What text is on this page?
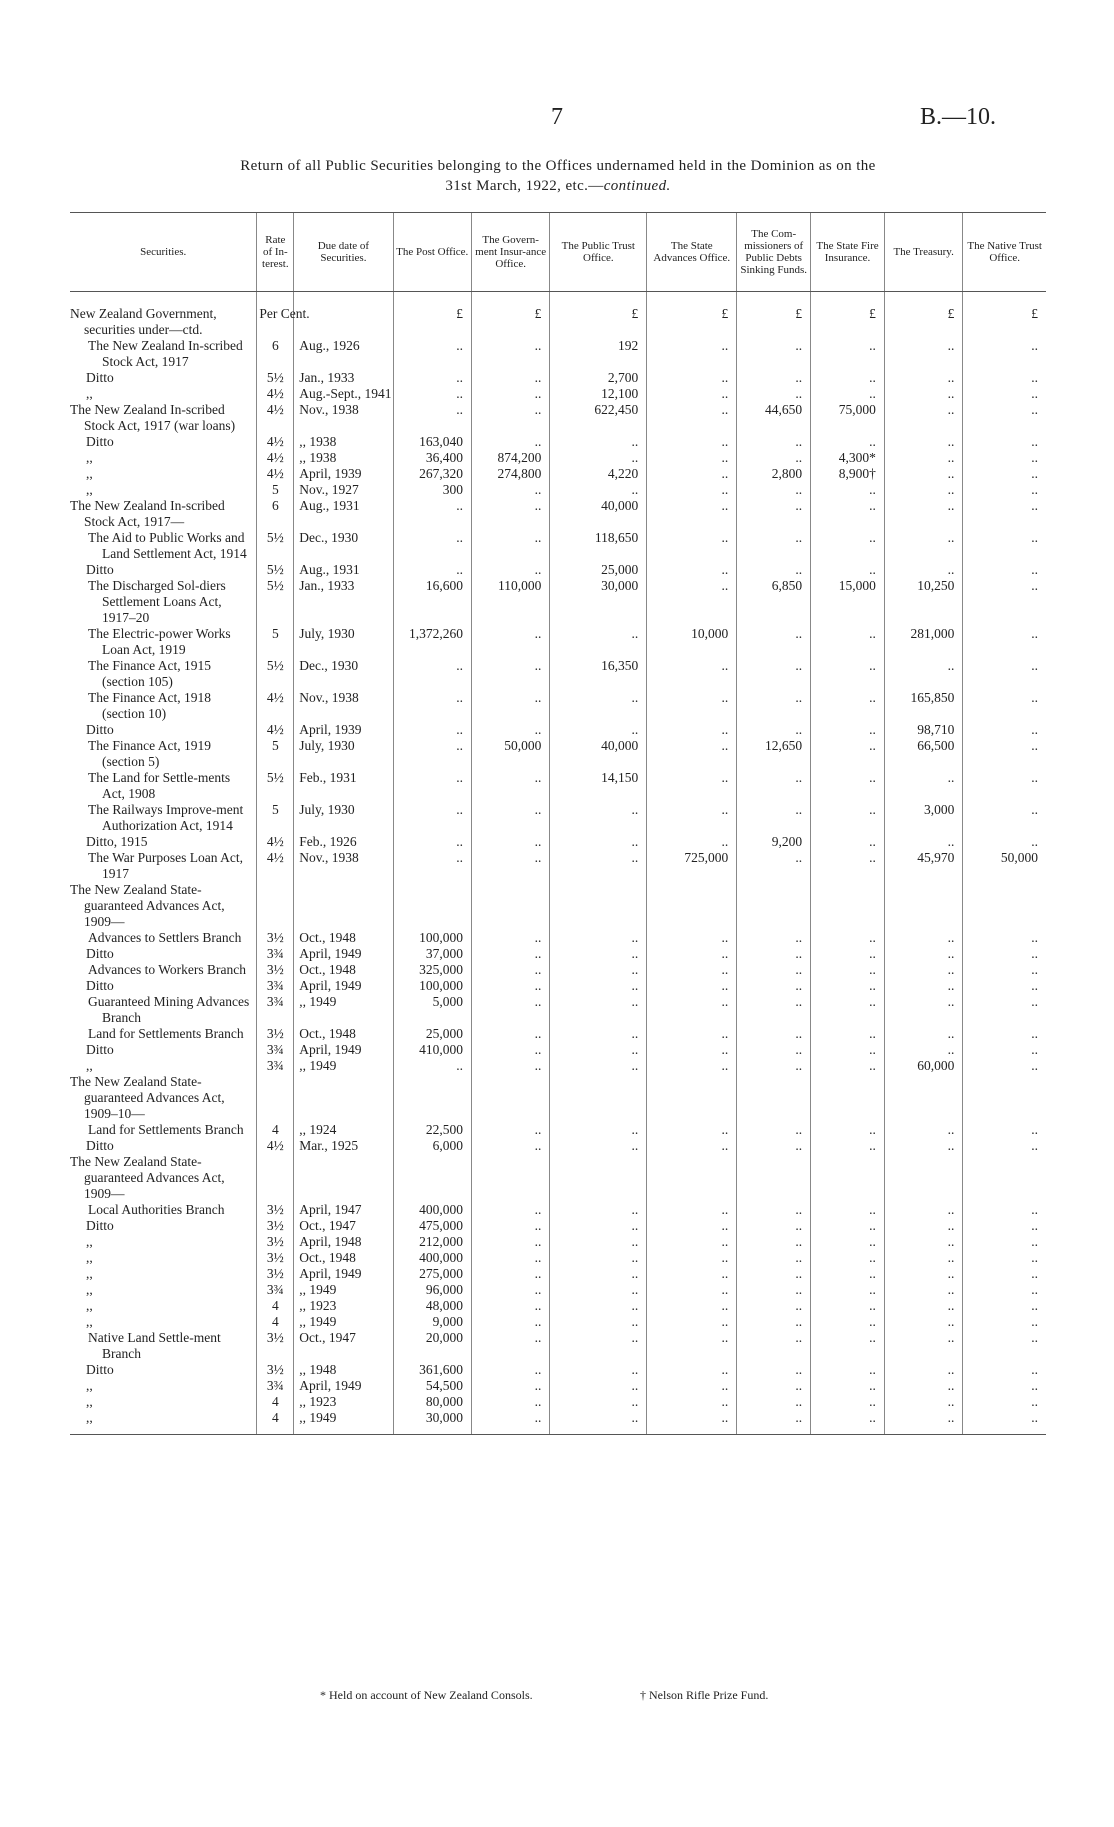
7	B.—10.
Return of all Public Securities belonging to the Offices undernamed held in the Dominion as on the
31st March, 1922, etc.—continued.
Securities.	Rate of In-terest.	Due date of Securities.	The Post Office.	The Govern-ment Insur-ance Office.	The Public Trust Office.	The State Advances Office.	The Com-missioners of Public Debts Sinking Funds.	The State Fire Insurance.	The Treasury.	The Native Trust Office.
New Zealand Government, securities under—ctd.	Per Cent.		£	£	£	£	£	£	£	£
The New Zealand In-scribed Stock Act, 1917	6	Aug., 1926	..	..	192	..	..	..	..	..
Ditto	5½	Jan., 1933	..	..	2,700	..	..	..	..	..
,,	4½	Aug.-Sept., 1941	..	..	12,100	..	..	..	..	..
The New Zealand In-scribed Stock Act, 1917 (war loans)	4½	Nov., 1938	..	..	622,450	..	44,650	75,000	..	..
Ditto	4½	,, 1938	163,040	..	..	..	..	..	..	..
,,	4½	,, 1938	36,400	874,200	..	..	..	4,300*	..	..
,,	4½	April, 1939	267,320	274,800	4,220	..	2,800	8,900†	..	..
,,	5	Nov., 1927	300	..	..	..	..	..	..	..
The New Zealand In-scribed Stock Act, 1917—	6	Aug., 1931	..	..	40,000	..	..	..	..	..
The Aid to Public Works and Land Settlement Act, 1914	5½	Dec., 1930	..	..	118,650	..	..	..	..	..
Ditto	5½	Aug., 1931	..	..	25,000	..	..	..	..	..
The Discharged Sol-diers Settlement Loans Act, 1917–20	5½	Jan., 1933	16,600	110,000	30,000	..	6,850	15,000	10,250	..
The Electric-power Works Loan Act, 1919	5	July, 1930	1,372,260	..	..	10,000	..	..	281,000	..
The Finance Act, 1915 (section 105)	5½	Dec., 1930	..	..	16,350	..	..	..	..	..
The Finance Act, 1918 (section 10)	4½	Nov., 1938	..	..	..	..	..	..	165,850	..
Ditto	4½	April, 1939	..	..	..	..	..	..	98,710	..
The Finance Act, 1919 (section 5)	5	July, 1930	..	50,000	40,000	..	12,650	..	66,500	..
The Land for Settle-ments Act, 1908	5½	Feb., 1931	..	..	14,150	..	..	..	..	..
The Railways Improve-ment Authorization Act, 1914	5	July, 1930	..	..	..	..	..	..	3,000	..
Ditto, 1915	4½	Feb., 1926	..	..	..	..	9,200	..	..	..
The War Purposes Loan Act, 1917	4½	Nov., 1938	..	..	..	725,000	..	..	45,970	50,000
The New Zealand State-guaranteed Advances Act, 1909—										
Advances to Settlers Branch	3½	Oct., 1948	100,000	..	..	..	..	..	..	..
Ditto	3¾	April, 1949	37,000	..	..	..	..	..	..	..
Advances to Workers Branch	3½	Oct., 1948	325,000	..	..	..	..	..	..	..
Ditto	3¾	April, 1949	100,000	..	..	..	..	..	..	..
Guaranteed Mining Advances Branch	3¾	,, 1949	5,000	..	..	..	..	..	..	..
Land for Settlements Branch	3½	Oct., 1948	25,000	..	..	..	..	..	..	..
Ditto	3¾	April, 1949	410,000	..	..	..	..	..	..	..
,,	3¾	,, 1949	..	..	..	..	..	..	60,000	..
The New Zealand State-guaranteed Advances Act, 1909–10—										
Land for Settlements Branch	4	,, 1924	22,500	..	..	..	..	..	..	..
Ditto	4½	Mar., 1925	6,000	..	..	..	..	..	..	..
The New Zealand State-guaranteed Advances Act, 1909—										
Local Authorities Branch	3½	April, 1947	400,000	..	..	..	..	..	..	..
Ditto	3½	Oct., 1947	475,000	..	..	..	..	..	..	..
,,	3½	April, 1948	212,000	..	..	..	..	..	..	..
,,	3½	Oct., 1948	400,000	..	..	..	..	..	..	..
,,	3½	April, 1949	275,000	..	..	..	..	..	..	..
,,	3¾	,, 1949	96,000	..	..	..	..	..	..	..
,,	4	,, 1923	48,000	..	..	..	..	..	..	..
,,	4	,, 1949	9,000	..	..	..	..	..	..	..
Native Land Settle-ment Branch	3½	Oct., 1947	20,000	..	..	..	..	..	..	..
Ditto	3½	,, 1948	361,600	..	..	..	..	..	..	..
,,	3¾	April, 1949	54,500	..	..	..	..	..	..	..
,,	4	,, 1923	80,000	..	..	..	..	..	..	..
,,	4	,, 1949	30,000	..	..	..	..	..	..	..
* Held on account of New Zealand Consols.	† Nelson Rifle Prize Fund.
